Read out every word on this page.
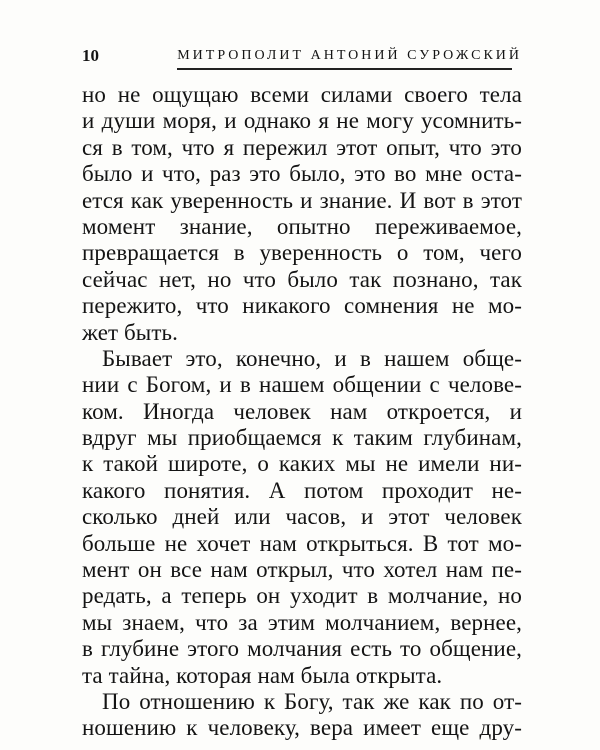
10	МИТРОПОЛИТ АНТОНИЙ СУРОЖСКИЙ
но не ощущаю всеми силами своего тела
и души моря, и однако я не могу усомнить-
ся в том, что я пережил этот опыт, что это
было и что, раз это было, это во мне оста-
ется как уверенность и знание. И вот в этот
момент знание, опытно переживаемое,
превращается в уверенность о том, чего
сейчас нет, но что было так познано, так
пережито, что никакого сомнения не мо-
жет быть.
Бывает это, конечно, и в нашем обще-
нии с Богом, и в нашем общении с челове-
ком. Иногда человек нам откроется, и
вдруг мы приобщаемся к таким глубинам,
к такой широте, о каких мы не имели ни-
какого понятия. А потом проходит не-
сколько дней или часов, и этот человек
больше не хочет нам открыться. В тот мо-
мент он все нам открыл, что хотел нам пе-
редать, а теперь он уходит в молчание, но
мы знаем, что за этим молчанием, вернее,
в глубине этого молчания есть то общение,
та тайна, которая нам была открыта.
По отношению к Богу, так же как по от-
ношению к человеку, вера имеет еще дру-
